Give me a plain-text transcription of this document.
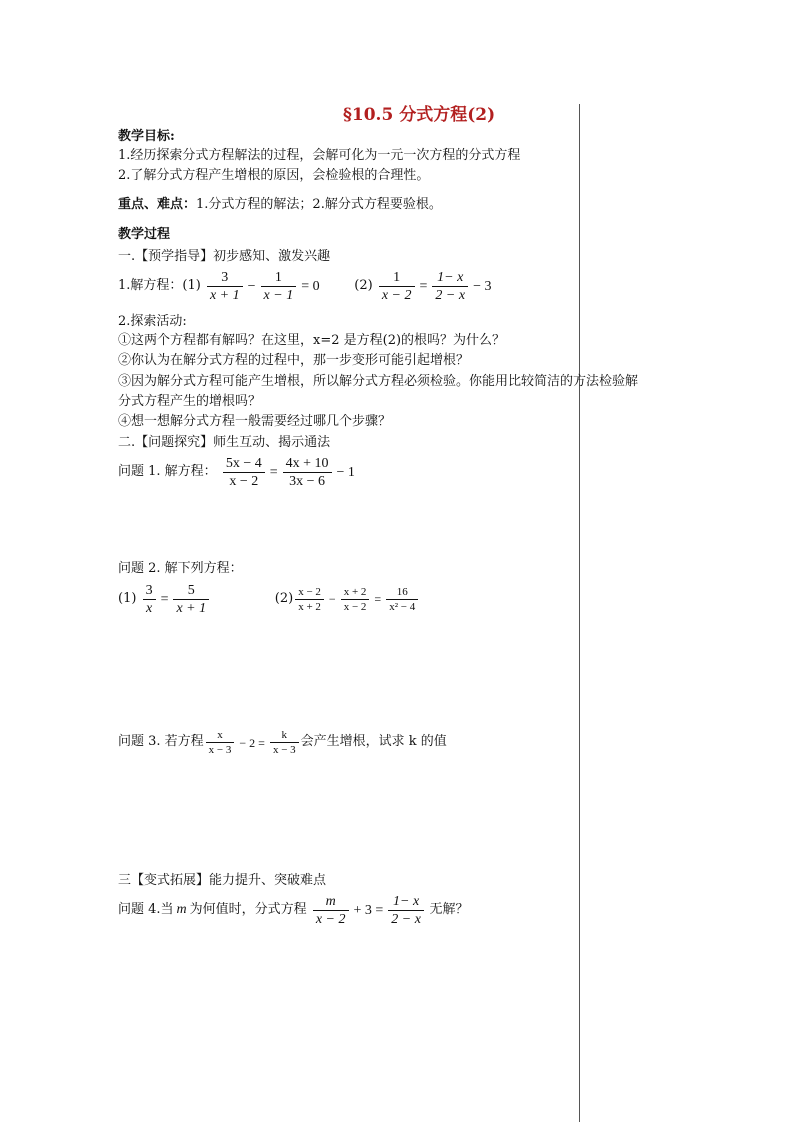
§10.5 分式方程(2)
教学目标:
1.经历探索分式方程解法的过程，会解可化为一元一次方程的分式方程
2.了解分式方程产生增根的原因，会检验根的合理性。
重点、难点：1.分式方程的解法；2.解分式方程要验根。
教学过程
一.【预学指导】初步感知、激发兴趣
1.解方程：$(1) \frac{3}{x + 1} - \frac{1}{x - 1} = 0$	$(2) \frac{1}{x - 2} = \frac{1- x}{2 - x} - 3$
2.探索活动:
①这两个方程都有解吗？在这里，x=2 是方程(2)的根吗？为什么？
②你认为在解分式方程的过程中，那一步变形可能引起增根？
③因为解分式方程可能产生增根，所以解分式方程必须检验。你能用比较简洁的方法检验解
分式方程产生的增根吗？
④想一想解分式方程一般需要经过哪几个步骤？
二.【问题探究】师生互动、揭示通法
问题 1. 解方程： $\frac{5x - 4}{x - 2} = \frac{4x + 10}{3x - 6} - 1$
问题 2. 解下列方程：
$(1) \frac{3}{x} = \frac{5}{x + 1}$	$(2) \frac{x - 2}{x + 2} - \frac{x + 2}{x - 2} = \frac{16}{\text{x² − 4}}$
问题 3. 若方程 $\frac{x}{x - 3} - 2 = \frac{k}{x - 3}$ 会产生增根，试求 k 的值
三【变式拓展】能力提升、突破难点
问题 4.当 m 为何值时，分式方程 $\frac{m}{x - 2} + 3 = \frac{1- x}{2 - x}$ 无解？
